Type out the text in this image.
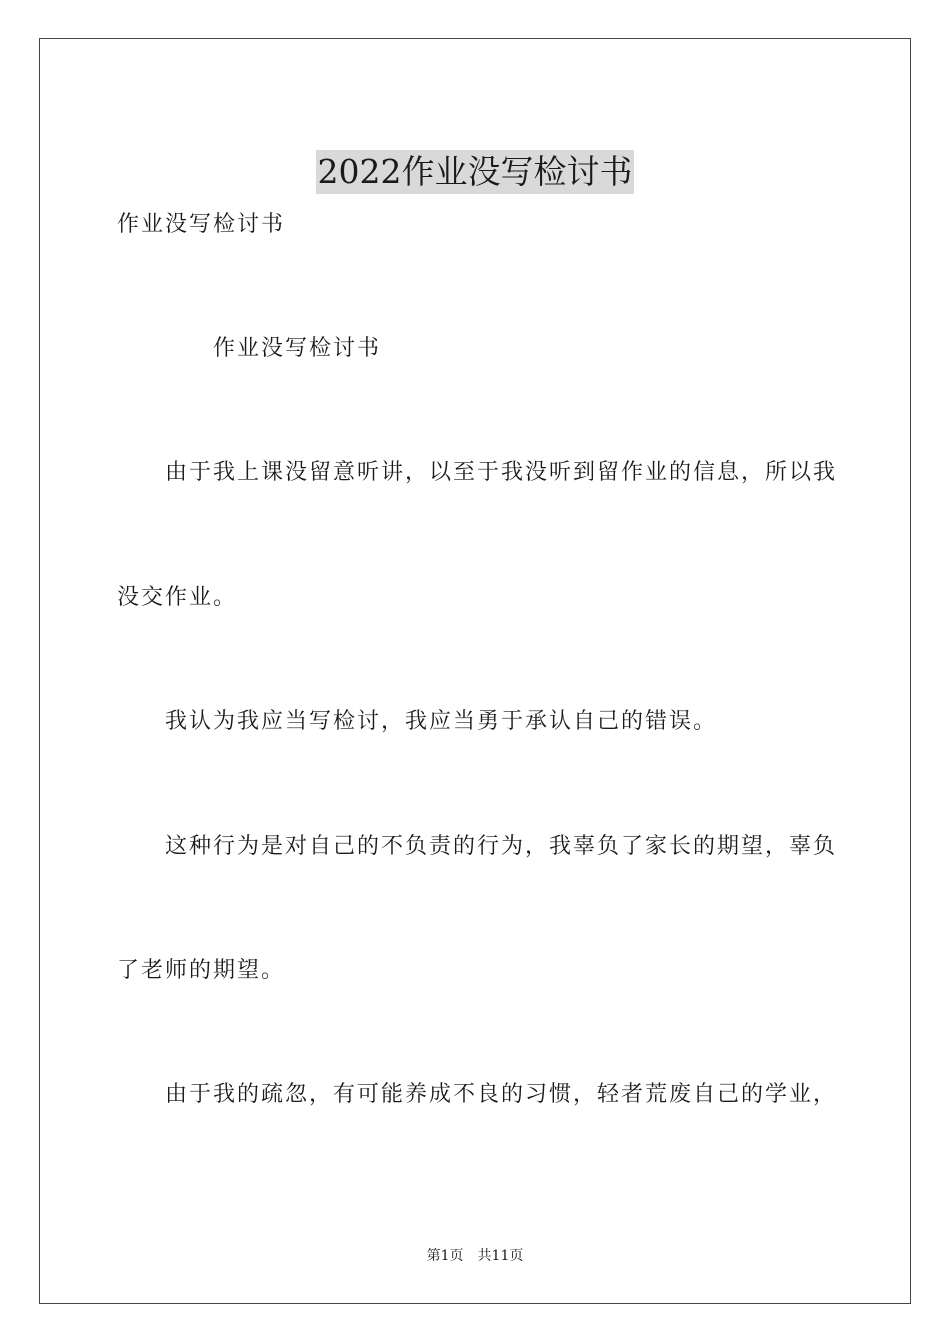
2022作业没写检讨书
作业没写检讨书
作业没写检讨书
由于我上课没留意听讲，以至于我没听到留作业的信息，所以我
没交作业。
我认为我应当写检讨，我应当勇于承认自己的错误。
这种行为是对自己的不负责的行为，我辜负了家长的期望，辜负
了老师的期望。
由于我的疏忽，有可能养成不良的习惯，轻者荒废自己的学业，
第1页 共11页
